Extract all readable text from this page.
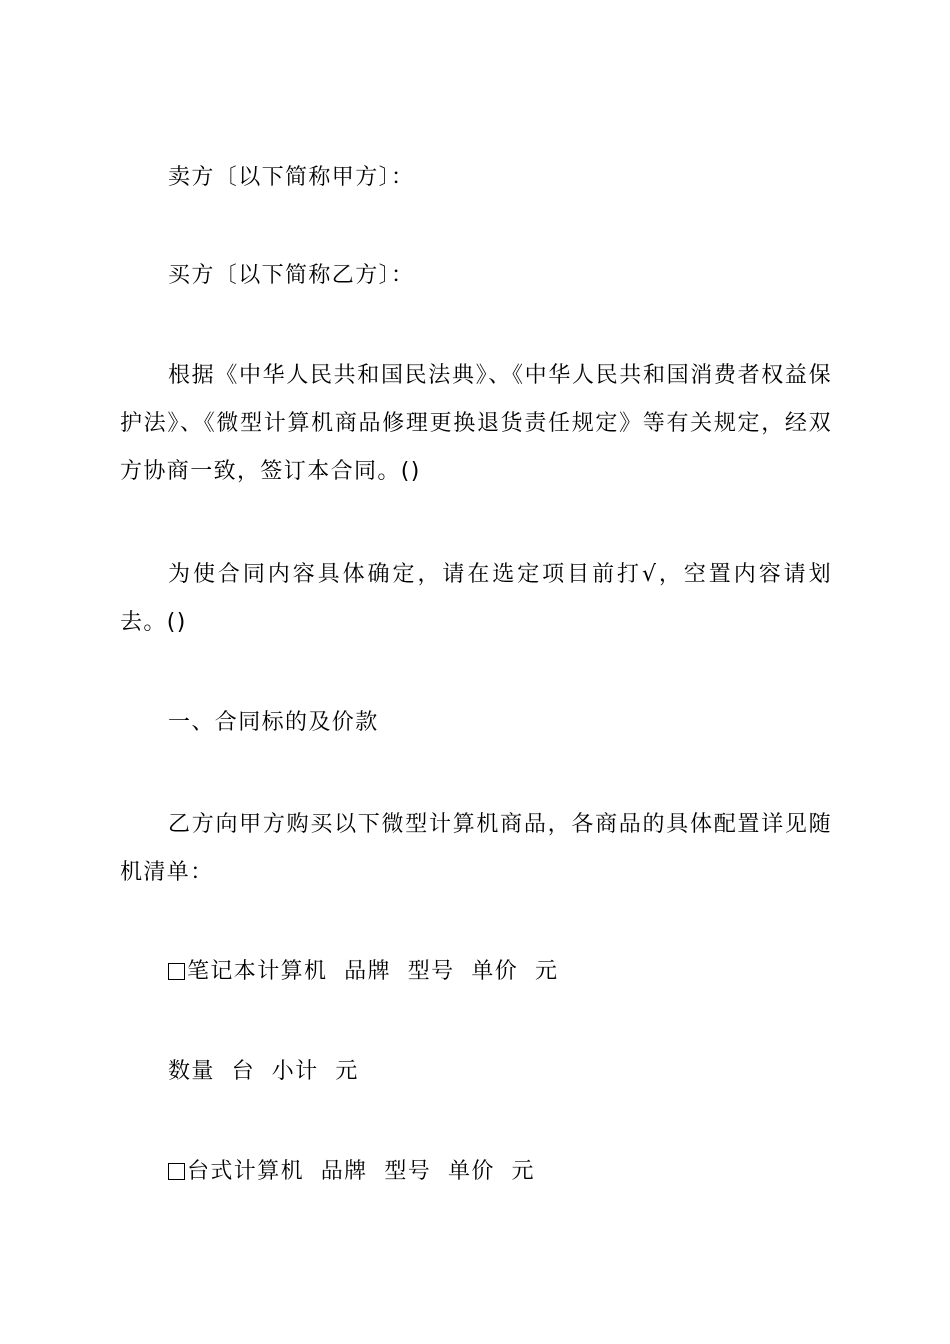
卖方〔以下简称甲方〕：

买方〔以下简称乙方〕：

根据《中华人民共和国民法典》、《中华人民共和国消费者权益保护法》、《微型计算机商品修理更换退货责任规定》等有关规定，经双方协商一致，签订本合同。()

为使合同内容具体确定，请在选定项目前打√，空置内容请划去。()

一、合同标的及价款

乙方向甲方购买以下微型计算机商品，各商品的具体配置详见随机清单：

笔记本计算机  品牌  型号  单价  元

数量  台  小计  元

台式计算机  品牌  型号  单价  元
